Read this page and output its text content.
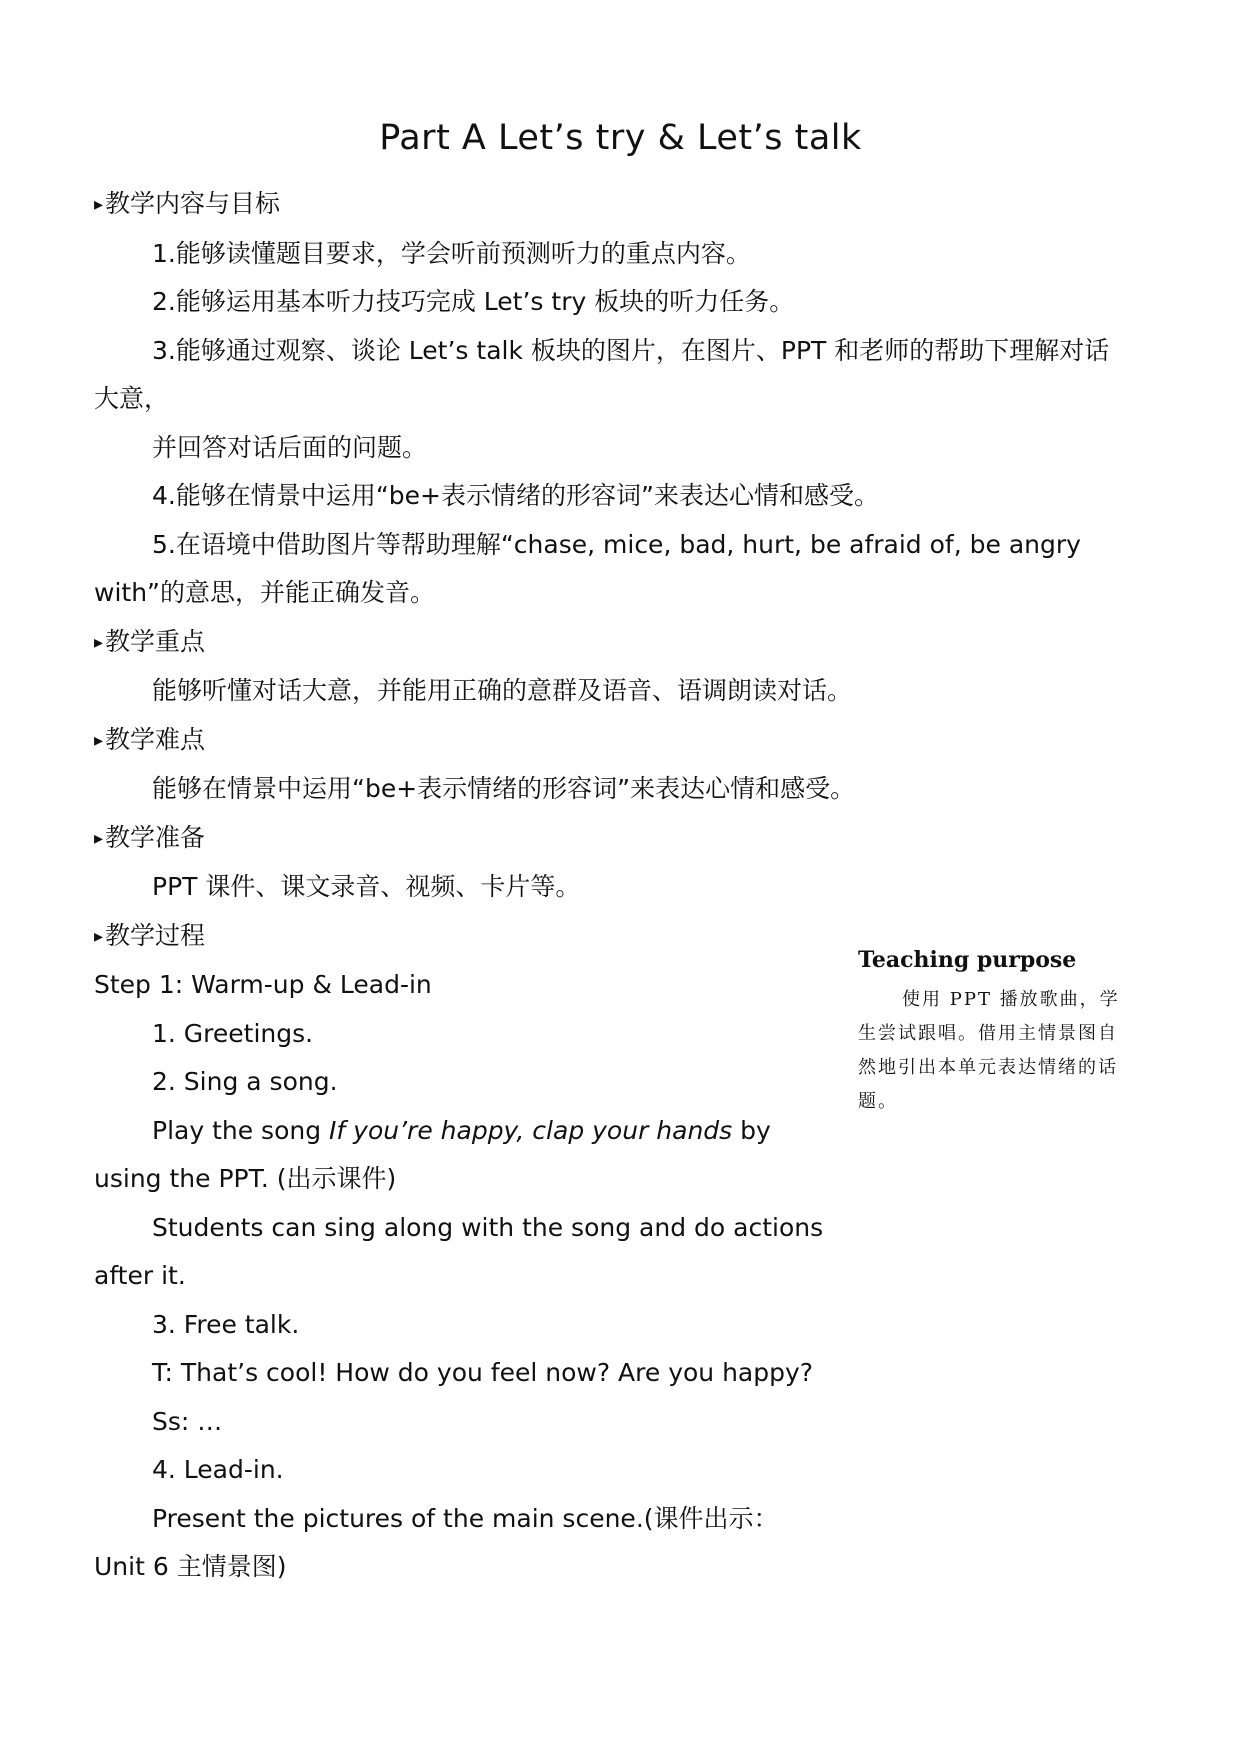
Part A Let’s try & Let’s talk

▸ 教学内容与目标

1.能够读懂题目要求，学会听前预测听力的重点内容。

2.能够运用基本听力技巧完成 Let’s try 板块的听力任务。

3.能够通过观察、谈论 Let’s talk 板块的图片，在图片、PPT 和老师的帮助下理解对话大意，

并回答对话后面的问题。

4.能够在情景中运用“be+表示情绪的形容词”来表达心情和感受。

5.在语境中借助图片等帮助理解“chase, mice, bad, hurt, be afraid of, be angry with”的意思，并能正确发音。

▸ 教学重点

能够听懂对话大意，并能用正确的意群及语音、语调朗读对话。

▸ 教学难点

能够在情景中运用“be+表示情绪的形容词”来表达心情和感受。

▸ 教学准备

PPT 课件、课文录音、视频、卡片等。

▸ 教学过程

Step 1: Warm-up & Lead-in

1. Greetings.

2. Sing a song.

Play the song If you’re happy, clap your hands by using the PPT. (出示课件)

Students can sing along with the song and do actions after it.

3. Free talk.

T: That’s cool! How do you feel now? Are you happy?

Ss: …

4. Lead-in.

Present the pictures of the main scene.(课件出示：Unit 6 主情景图)

Teaching purpose

使用 PPT 播放歌曲，学生尝试跟唱。借用主情景图自然地引出本单元表达情绪的话题。
